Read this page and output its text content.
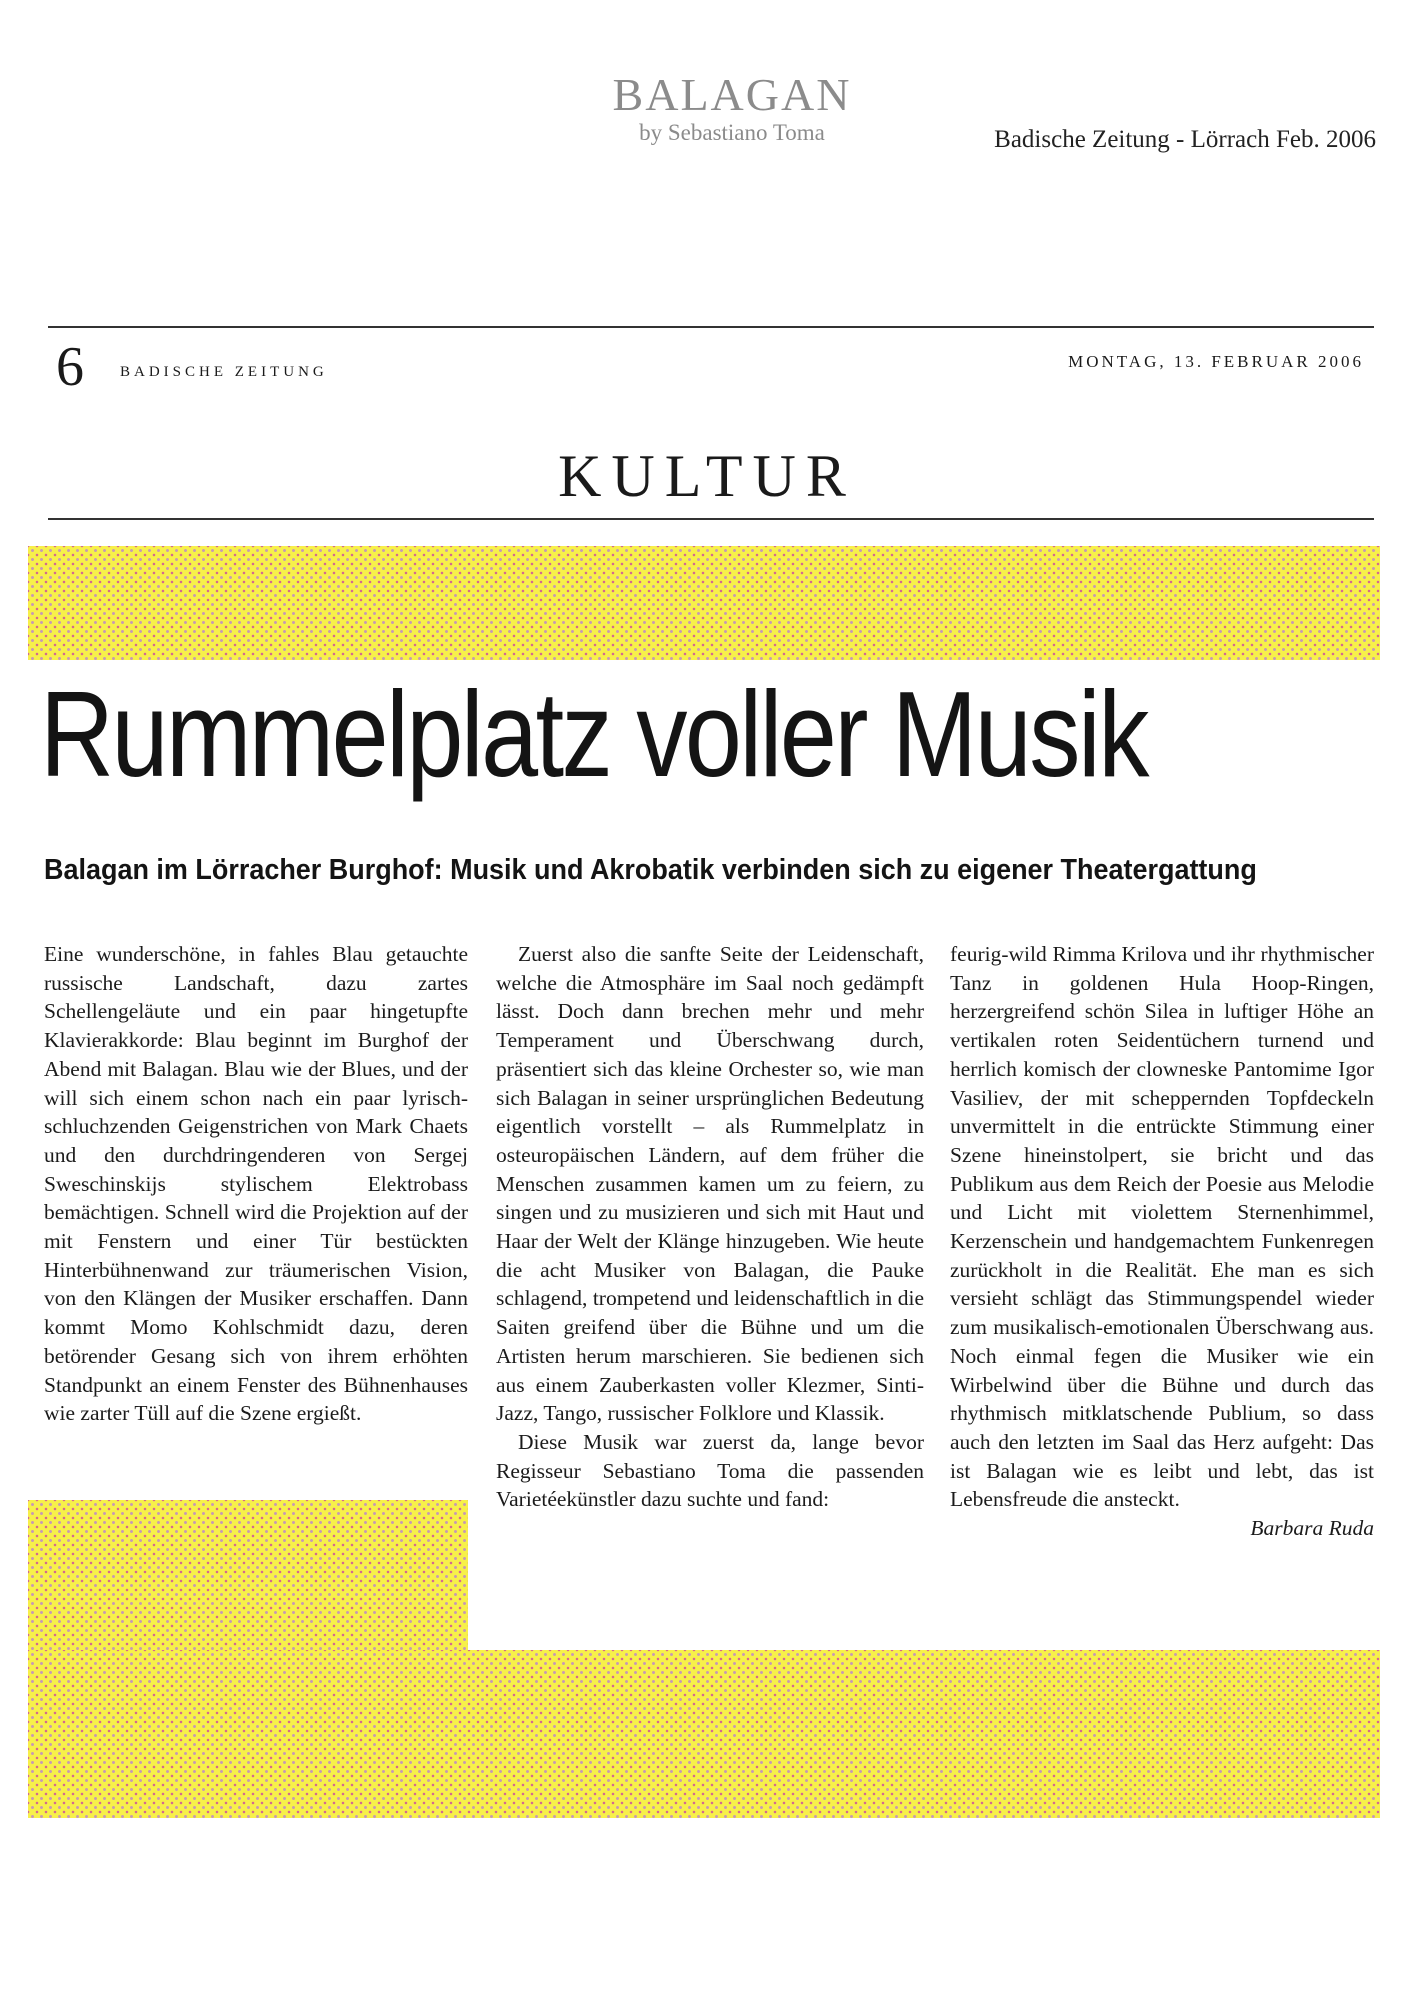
BALAGAN
by Sebastiano Toma	Badische Zeitung - Lörrach Feb. 2006
6 BADISCHE ZEITUNG
MONTAG, 13. FEBRUAR 2006
KULTUR
Rummelplatz voller Musik
Balagan im Lörracher Burghof: Musik und Akrobatik verbinden sich zu eigener Theatergattung

Eine wunderschöne, in fahles Blau getauchte russische Landschaft, dazu zartes Schellengeläute und ein paar hingetupfte Klavierakkorde: Blau beginnt im Burghof der Abend mit Balagan. Blau wie der Blues, und der will sich einem schon nach ein paar lyrisch-schluchzenden Geigenstrichen von Mark Chaets und den durchdringenderen von Sergej Sweschinskijs stylischem Elektrobass bemächtigen. Schnell wird die Projektion auf der mit Fenstern und einer Tür bestückten Hinterbühnenwand zur träumerischen Vision, von den Klängen der Musiker erschaffen. Dann kommt Momo Kohlschmidt dazu, deren betörender Gesang sich von ihrem erhöhten Standpunkt an einem Fenster des Bühnenhauses wie zarter Tüll auf die Szene ergießt.

Zuerst also die sanfte Seite der Leidenschaft, welche die Atmosphäre im Saal noch gedämpft lässt. Doch dann brechen mehr und mehr Temperament und Überschwang durch, präsentiert sich das kleine Orchester so, wie man sich Balagan in seiner ursprünglichen Bedeutung eigentlich vorstellt – als Rummelplatz in osteuropäischen Ländern, auf dem früher die Menschen zusammen kamen um zu feiern, zu singen und zu musizieren und sich mit Haut und Haar der Welt der Klänge hinzugeben. Wie heute die acht Musiker von Balagan, die Pauke schlagend, trompetend und leidenschaftlich in die Saiten greifend über die Bühne und um die Artisten herum marschieren. Sie bedienen sich aus einem Zauberkasten voller Klezmer, Sinti-Jazz, Tango, russischer Folklore und Klassik.

Diese Musik war zuerst da, lange bevor Regisseur Sebastiano Toma die passenden Varietéekünstler dazu suchte und fand:

feurig-wild Rimma Krilova und ihr rhythmischer Tanz in goldenen Hula Hoop-Ringen, herzergreifend schön Silea in luftiger Höhe an vertikalen roten Seidentüchern turnend und herrlich komisch der clowneske Pantomime Igor Vasiliev, der mit scheppernden Topfdeckeln unvermittelt in die entrückte Stimmung einer Szene hineinstolpert, sie bricht und das Publikum aus dem Reich der Poesie aus Melodie und Licht mit violettem Sternenhimmel, Kerzenschein und handgemachtem Funkenregen zurückholt in die Realität. Ehe man es sich versieht schlägt das Stimmungspendel wieder zum musikalisch-emotionalen Überschwang aus. Noch einmal fegen die Musiker wie ein Wirbelwind über die Bühne und durch das rhythmisch mitklatschende Publium, so dass auch den letzten im Saal das Herz aufgeht: Das ist Balagan wie es leibt und lebt, das ist Lebensfreude die ansteckt.

Barbara Ruda
